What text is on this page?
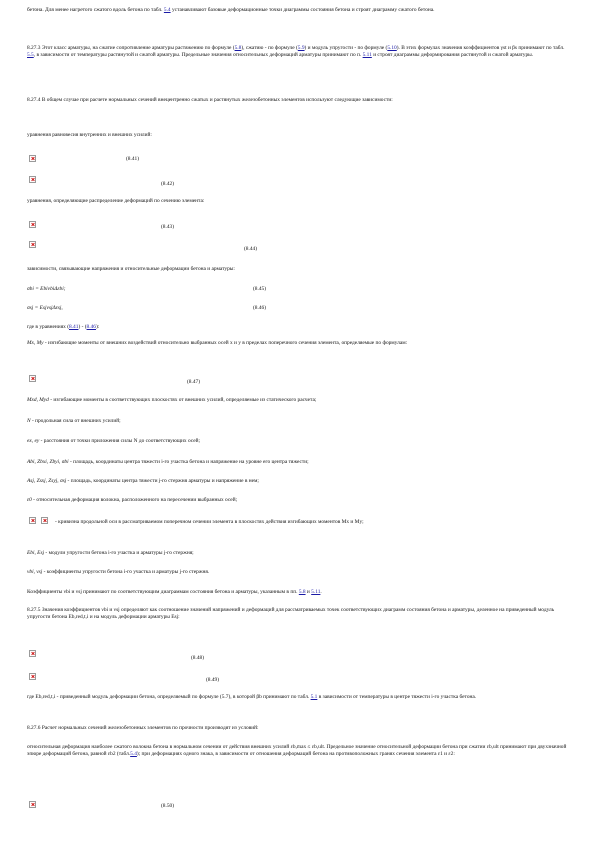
бетона. Для менее нагретого сжатого вдоль бетона по табл. 5.4 устанавливают базовые деформационные точки диаграммы состояния бетона и строят диаграмму сжатого бетона.

8.27.3 Этот класс арматуры, на сжатие сопротивление арматуры растяжению по формуле (5.8), сжатию - по формуле (5.9) и модуль упругости - по формуле (5.10). В этих формулах значения коэффициентов γst и βs принимают по табл. 5.5, в зависимости от температуры растянутой и сжатой арматуры. Предельные значения относительных деформаций арматуры принимают по п. 5.11 и строят диаграммы деформирования растянутой и сжатой арматуры.

8.27.4 В общем случае при расчете нормальных сечений внецентренно сжатых и растянутых железобетонных элементов используют следующие зависимости:

уравнения равновесия внутренних и внешних усилий:

(8.41)
(8.42)

уравнения, определяющие распределение деформаций по сечению элемента:

(8.43)
(8.44)

зависимости, связывающие напряжения и относительные деформации бетона и арматуры:

σbi = EbiνbiΔεbi;	(8.45)
σsj = EsjνsjΔεsj,	(8.46)

где в уравнениях (8.41) - (8.46):

Mx, My - изгибающие моменты от внешних воздействий относительно выбранных осей x и y в пределах поперечного сечения элемента, определяемые по формулам:

(8.47)

Mxd, Myd - изгибающие моменты в соответствующих плоскостях от внешних усилий, определяемые из статического расчета;

N - продольная сила от внешних усилий;

ex, ey - расстояния от точки приложения силы N до соответствующих осей;

Abi, Zbxi, Zbyi, σbi - площадь, координаты центра тяжести i-го участка бетона и напряжение на уровне его центра тяжести;

Asj, Zsxj, Zsyj, σsj - площадь, координаты центра тяжести j-го стержня арматуры и напряжение в нем;

ε0 - относительная деформация волокна, расположенного на пересечении выбранных осей;

- кривизна продольной оси в рассматриваемом поперечном сечении элемента в плоскостях действия изгибающих моментов Mx и My;

Ebi, Esj - модули упругости бетона i-го участка и арматуры j-го стержня;

νbi, νsj - коэффициенты упругости бетона i-го участка и арматуры j-го стержня.

Коэффициенты νbi и νsj принимают по соответствующим диаграммам состояния бетона и арматуры, указанным в пп. 5.8 и 5.11.

8.27.5 Значения коэффициентов νbi и νsj определяют как соотношение значений напряжений и деформаций для рассматриваемых точек соответствующих диаграмм состояния бетона и арматуры, деленное на приведенный модуль упругости бетона Eb,red,t,i и на модуль деформации арматуры Esj:

(8.48)
(8.49)

где Eb,red,t,i - приведенный модуль деформации бетона, определяемый по формуле (5.7), в которой βb принимают по табл. 5.1 в зависимости от температуры в центре тяжести i-го участка бетона.

8.27.6 Расчет нормальных сечений железобетонных элементов по прочности производят из условий:

относительная деформация наиболее сжатого волокна бетона в нормальном сечении от действия внешних усилий εb,max ≤ εb,ult. Предельное значение относительной деформации бетона при сжатии εb,ult принимают при двухзначной эпюре деформаций бетона, равной εb2 (табл.5.4); при деформациях одного знака, в зависимости от отношения деформаций бетона на противоположных гранях сечения элемента ε1 и ε2:

(8.50)
